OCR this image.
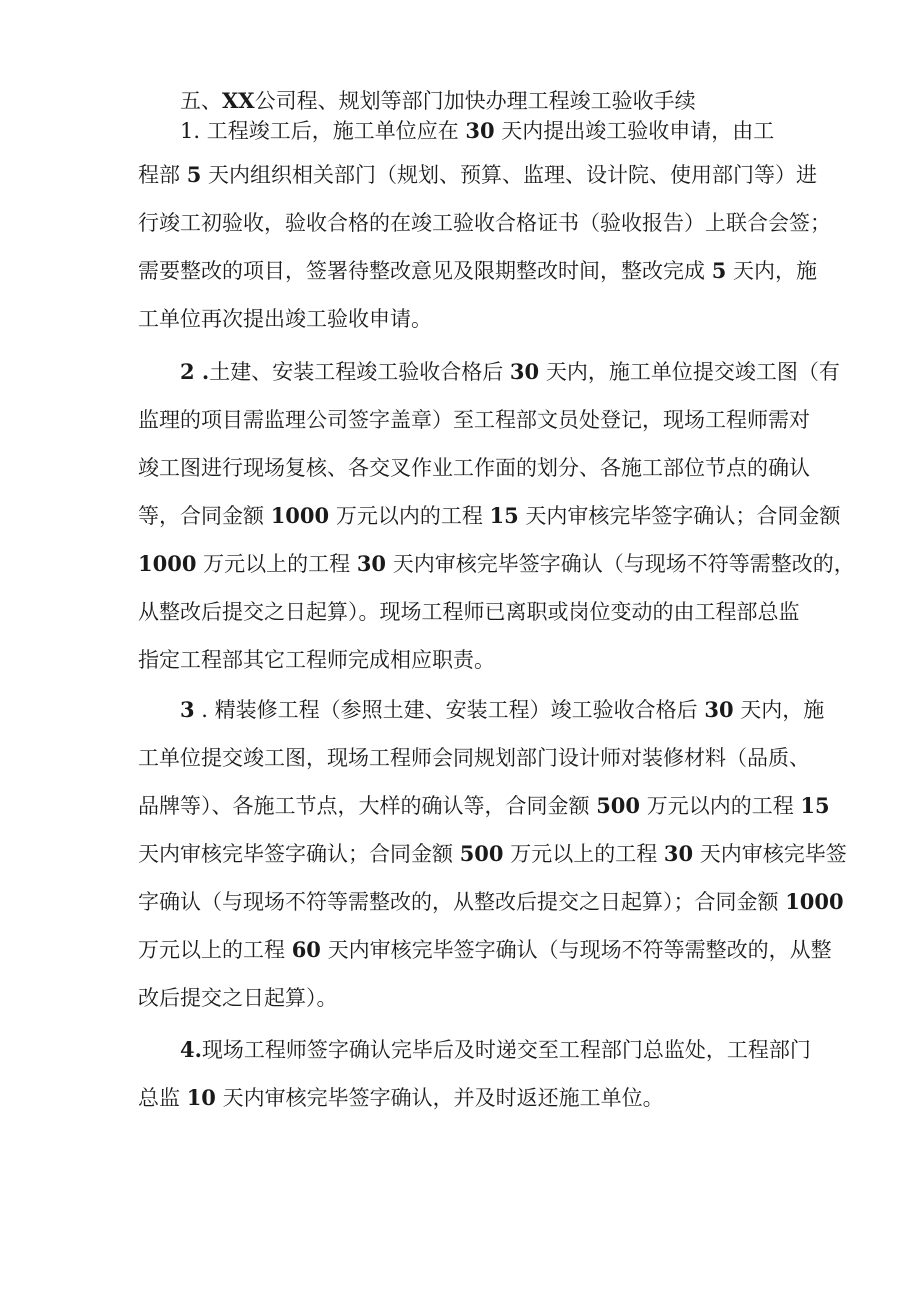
五、XX公司程、规划等部门加快办理工程竣工验收手续
1. 工程竣工后，施工单位应在 30 天内提出竣工验收申请，由工
程部 5 天内组织相关部门（规划、预算、监理、设计院、使用部门等）进
行竣工初验收，验收合格的在竣工验收合格证书（验收报告）上联合会签；
需要整改的项目，签署待整改意见及限期整改时间，整改完成 5 天内，施
工单位再次提出竣工验收申请。
2 .土建、安装工程竣工验收合格后 30 天内，施工单位提交竣工图（有
监理的项目需监理公司签字盖章）至工程部文员处登记，现场工程师需对
竣工图进行现场复核、各交叉作业工作面的划分、各施工部位节点的确认
等，合同金额 1000 万元以内的工程 15 天内审核完毕签字确认；合同金额
1000 万元以上的工程 30 天内审核完毕签字确认（与现场不符等需整改的，
从整改后提交之日起算）。现场工程师已离职或岗位变动的由工程部总监
指定工程部其它工程师完成相应职责。
3 . 精装修工程（参照土建、安装工程）竣工验收合格后 30 天内，施
工单位提交竣工图，现场工程师会同规划部门设计师对装修材料（品质、
品牌等）、各施工节点，大样的确认等，合同金额 500 万元以内的工程 15
天内审核完毕签字确认；合同金额 500 万元以上的工程 30 天内审核完毕签
字确认（与现场不符等需整改的，从整改后提交之日起算）；合同金额 1000
万元以上的工程 60 天内审核完毕签字确认（与现场不符等需整改的，从整
改后提交之日起算）。
4.现场工程师签字确认完毕后及时递交至工程部门总监处，工程部门
总监 10 天内审核完毕签字确认，并及时返还施工单位。
